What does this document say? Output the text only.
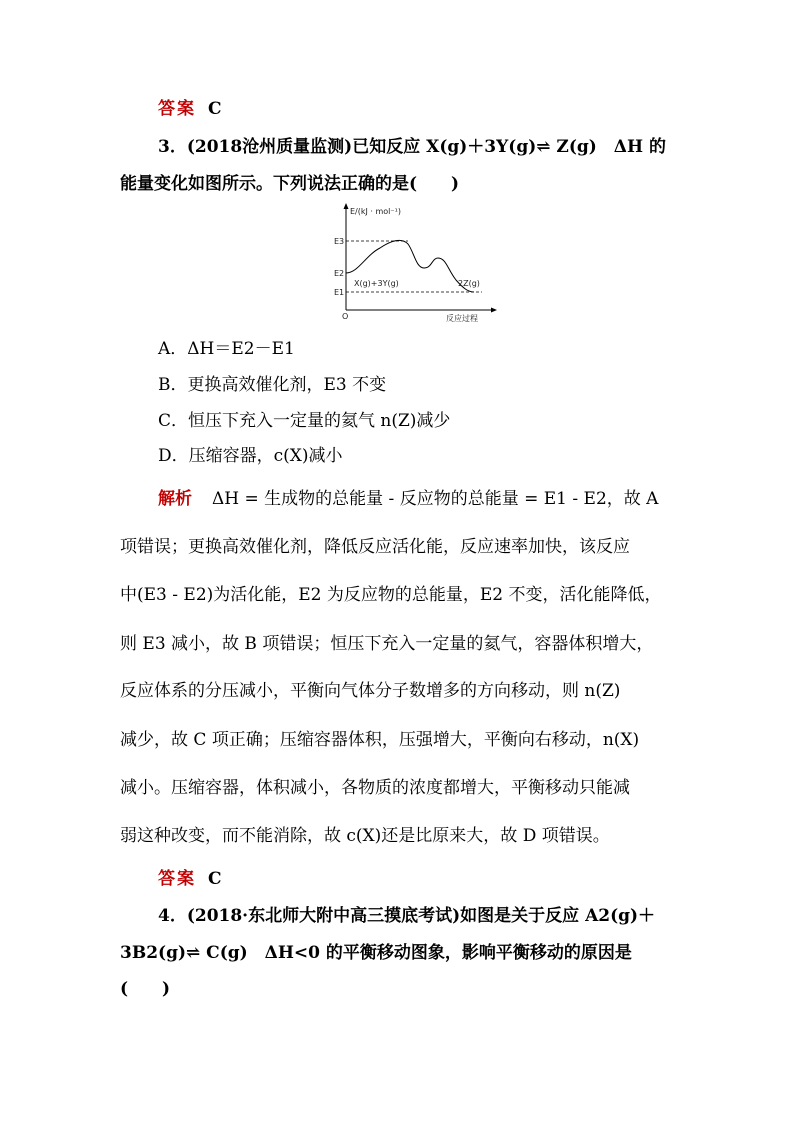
答案 C
3．(2018沧州质量监测)已知反应 X(g)＋3Y(g)⇌ Z(g)　ΔH 的
能量变化如图所示。下列说法正确的是(　　)
E/(kJ · mol⁻¹)
E3
E2
E1
O
X(g)+3Y(g)	2Z(g)
反应过程
A．ΔH＝E2－E1
B．更换高效催化剂，E3 不变
C．恒压下充入一定量的氦气 n(Z)减少
D．压缩容器，c(X)减小
解析 ΔH = 生成物的总能量 - 反应物的总能量 = E1 - E2，故 A
项错误；更换高效催化剂，降低反应活化能，反应速率加快，该反应
中(E3 - E2)为活化能，E2 为反应物的总能量，E2 不变，活化能降低，
则 E3 减小，故 B 项错误；恒压下充入一定量的氦气，容器体积增大，
反应体系的分压减小，平衡向气体分子数增多的方向移动，则 n(Z)
减少，故 C 项正确；压缩容器体积，压强增大，平衡向右移动，n(X)
减小。压缩容器，体积减小，各物质的浓度都增大，平衡移动只能减
弱这种改变，而不能消除，故 c(X)还是比原来大，故 D 项错误。
答案 C
4．(2018·东北师大附中高三摸底考试)如图是关于反应 A2(g)＋
3B2(g)⇌ C(g)　ΔH<0 的平衡移动图象，影响平衡移动的原因是
(　　)
